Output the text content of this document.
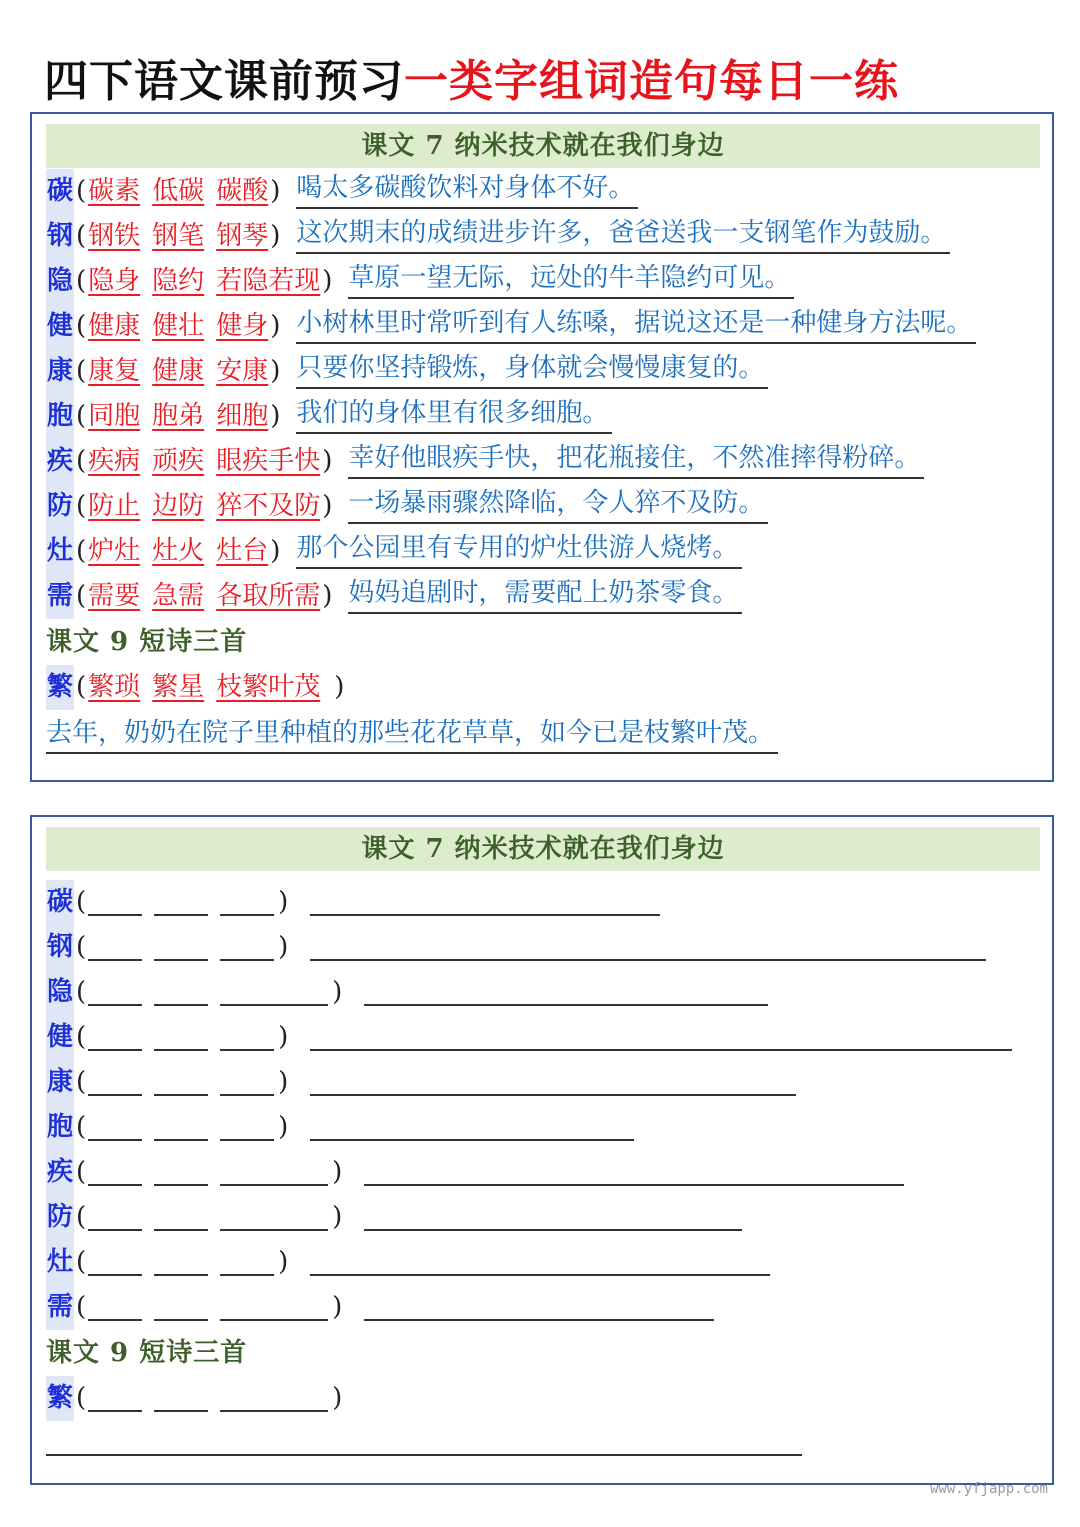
四下语文课前预习一类字组词造句每日一练
课文 7 纳米技术就在我们身边
碳 (碳素 低碳 碳酸) 喝太多碳酸饮料对身体不好。
钢 (钢铁 钢笔 钢琴) 这次期末的成绩进步许多，爸爸送我一支钢笔作为鼓励。
隐 (隐身 隐约 若隐若现) 草原一望无际，远处的牛羊隐约可见。
健 (健康 健壮 健身) 小树林里时常听到有人练嗓，据说这还是一种健身方法呢。
康 (康复 健康 安康) 只要你坚持锻炼，身体就会慢慢康复的。
胞 (同胞 胞弟 细胞) 我们的身体里有很多细胞。
疾 (疾病 顽疾 眼疾手快) 幸好他眼疾手快，把花瓶接住，不然准摔得粉碎。
防 (防止 边防 猝不及防) 一场暴雨骤然降临，令人猝不及防。
灶 (炉灶 灶火 灶台) 那个公园里有专用的炉灶供游人烧烤。
需 (需要 急需 各取所需) 妈妈追剧时，需要配上奶茶零食。
课文 9 短诗三首
繁 (繁琐 繁星 枝繁叶茂 )
去年，奶奶在院子里种植的那些花花草草，如今已是枝繁叶茂。
课文 7 纳米技术就在我们身边
碳 (	)
钢 (	)
隐 (	)
健 (	)
康 (	)
胞 (	)
疾 (	)
防 (	)
灶 (	)
需 (	)
课文 9 短诗三首
繁 (	)
www.yfjapp.com
